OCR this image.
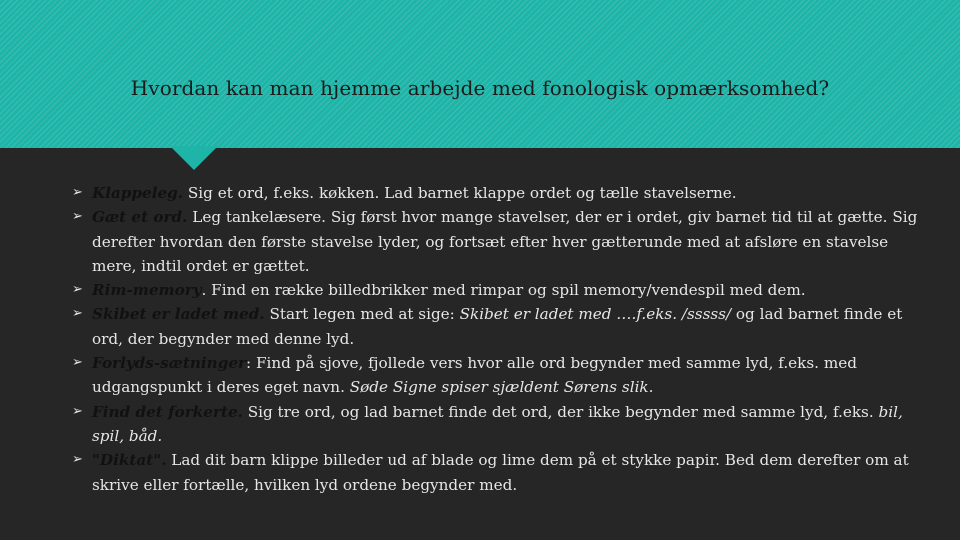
Hvordan kan man hjemme arbejde med fonologisk opmærksomhed?
➢ Klappeleg. Sig et ord, f.eks. køkken. Lad barnet klappe ordet og tælle stavelserne.
➢ Gæt et ord. Leg tankelæsere. Sig først hvor mange stavelser, der er i ordet, giv barnet tid til at gætte. Sig derefter hvordan den første stavelse lyder, og fortsæt efter hver gætterunde med at afsløre en stavelse mere, indtil ordet er gættet.
➢ Rim-memory. Find en række billedbrikker med rimpar og spil memory/vendespil med dem.
➢ Skibet er ladet med. Start legen med at sige: Skibet er ladet med ….f.eks. /sssss/ og lad barnet finde et ord, der begynder med denne lyd.
➢ Forlyds-sætninger: Find på sjove, fjollede vers hvor alle ord begynder med samme lyd, f.eks. med udgangspunkt i deres eget navn. Søde Signe spiser sjældent Sørens slik.
➢ Find det forkerte. Sig tre ord, og lad barnet finde det ord, der ikke begynder med samme lyd, f.eks. bil, spil, båd.
➢ "Diktat". Lad dit barn klippe billeder ud af blade og lime dem på et stykke papir. Bed dem derefter om at skrive eller fortælle, hvilken lyd ordene begynder med.
